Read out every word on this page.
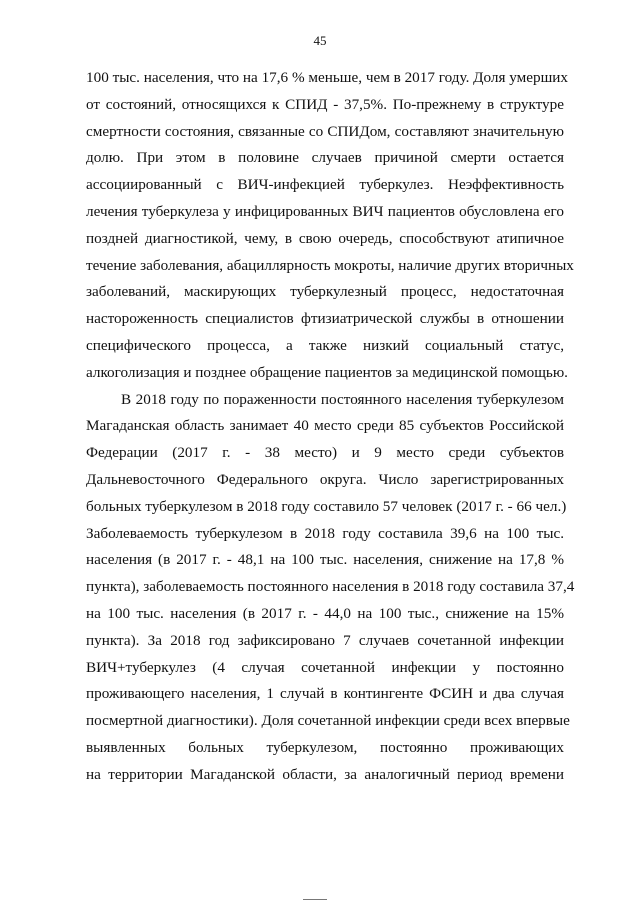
45
100 тыс. населения, что на 17,6 % меньше, чем в 2017 году. Доля умерших
от состояний, относящихся к СПИД - 37,5%. По-прежнему в структуре
смертности состояния, связанные со СПИДом, составляют значительную
долю. При этом в половине случаев причиной смерти остается
ассоциированный с ВИЧ-инфекцией туберкулез. Неэффективность
лечения туберкулеза у инфицированных ВИЧ пациентов обусловлена его
поздней диагностикой, чему, в свою очередь, способствуют атипичное
течение заболевания, абациллярность мокроты, наличие других вторичных
заболеваний, маскирующих туберкулезный процесс, недостаточная
настороженность специалистов фтизиатрической службы в отношении
специфического процесса, а также низкий социальный статус,
алкоголизация и позднее обращение пациентов за медицинской помощью.
В 2018 году по пораженности постоянного населения туберкулезом
Магаданская область занимает 40 место среди 85 субъектов Российской
Федерации (2017 г. - 38 место) и 9 место среди субъектов
Дальневосточного Федерального округа. Число зарегистрированных
больных туберкулезом в 2018 году составило 57 человек (2017 г. - 66 чел.)
Заболеваемость туберкулезом в 2018 году составила 39,6 на 100 тыс.
населения (в 2017 г. - 48,1 на 100 тыс. населения, снижение на 17,8 %
пункта), заболеваемость постоянного населения в 2018 году составила 37,4
на 100 тыс. населения (в 2017 г. - 44,0 на 100 тыс., снижение на 15%
пункта). За 2018 год зафиксировано 7 случаев сочетанной инфекции
ВИЧ+туберкулез (4 случая сочетанной инфекции у постоянно
проживающего населения, 1 случай в контингенте ФСИН и два случая
посмертной диагностики). Доля сочетанной инфекции среди всех впервые
выявленных больных туберкулезом, постоянно проживающих
на территории Магаданской области, за аналогичный период времени
